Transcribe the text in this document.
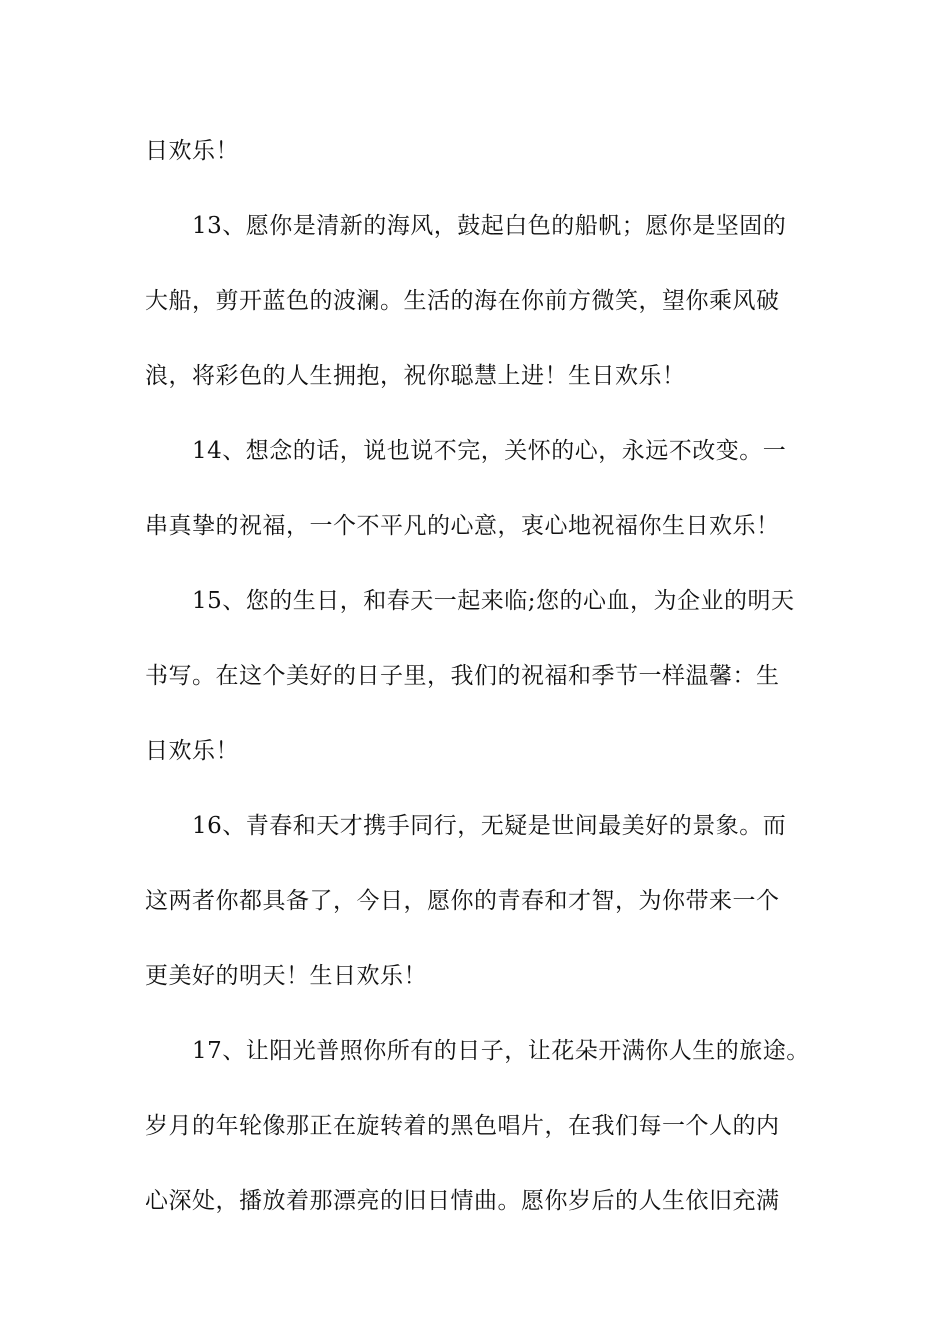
日欢乐！
13、愿你是清新的海风，鼓起白色的船帆；愿你是坚固的
大船，剪开蓝色的波澜。生活的海在你前方微笑，望你乘风破
浪，将彩色的人生拥抱，祝你聪慧上进！生日欢乐！
14、想念的话，说也说不完，关怀的心，永远不改变。一
串真挚的祝福，一个不平凡的心意，衷心地祝福你生日欢乐！
15、您的生日，和春天一起来临;您的心血，为企业的明天
书写。在这个美好的日子里，我们的祝福和季节一样温馨：生
日欢乐！
16、青春和天才携手同行，无疑是世间最美好的景象。而
这两者你都具备了，今日，愿你的青春和才智，为你带来一个
更美好的明天！生日欢乐！
17、让阳光普照你所有的日子，让花朵开满你人生的旅途。
岁月的年轮像那正在旋转着的黑色唱片，在我们每一个人的内
心深处，播放着那漂亮的旧日情曲。愿你岁后的人生依旧充满
